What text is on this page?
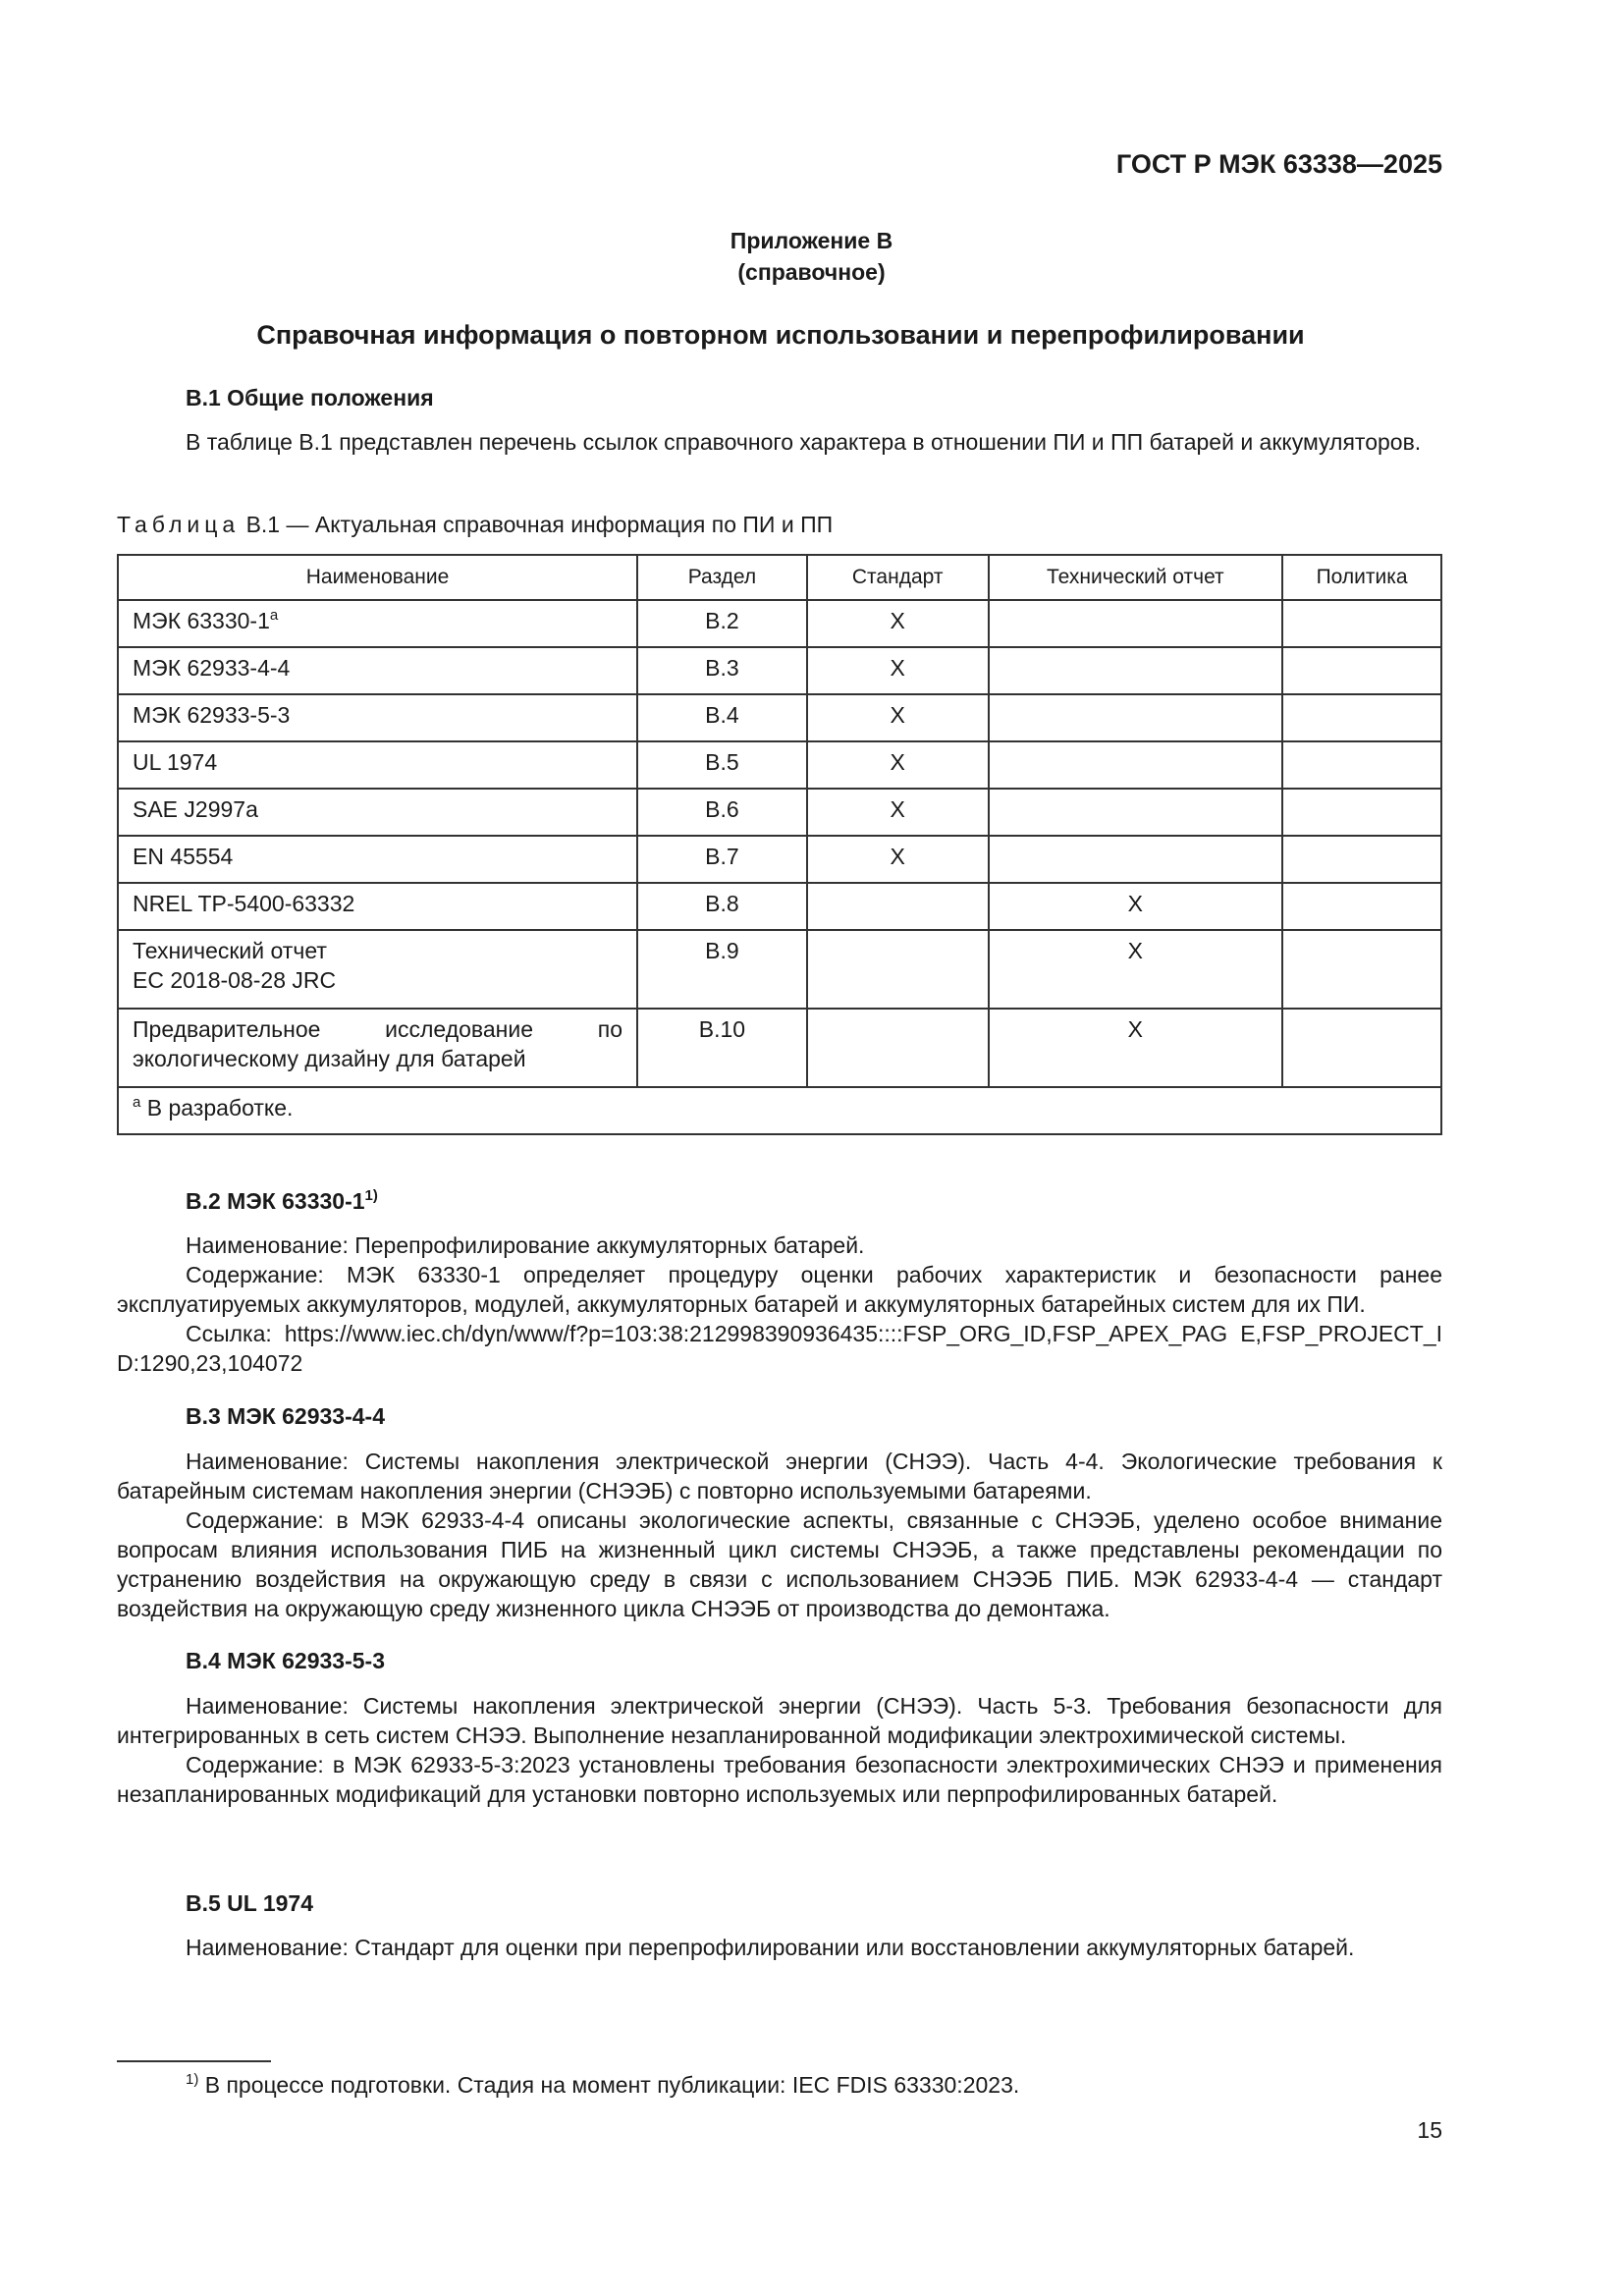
ГОСТ Р МЭК 63338—2025
Приложение В
(справочное)
Справочная информация о повторном использовании и перепрофилировании
В.1 Общие положения

В таблице В.1 представлен перечень ссылок справочного характера в отношении ПИ и ПП батарей и аккумуляторов.

Таблица В.1 — Актуальная справочная информация по ПИ и ПП
Наименование	Раздел	Стандарт	Технический отчет	Политика
МЭК 63330-1$^a$	В.2	X		
МЭК 62933-4-4	В.3	X		
МЭК 62933-5-3	В.4	X		
UL 1974	В.5	X		
SAE J2997a	В.6	X		
EN 45554	В.7	X		
NREL TP-5400-63332	В.8		X	

Технический отчет
EC 2018-08-28 JRC	В.9		X	
Предварительное исследование по экологическому дизайну для батарей	В.10		X	
$^a$ В разработке.				
В.2 МЭК 63330-1$^{1)}$

Наименование: Перепрофилирование аккумуляторных батарей.

Содержание: МЭК 63330-1 определяет процедуру оценки рабочих характеристик и безопасности ранее эксплуатируемых аккумуляторов, модулей, аккумуляторных батарей и аккумуляторных батарейных систем для их ПИ.

Ссылка: https://www.iec.ch/dyn/www/f?p=103:38:212998390936435::::FSP_ORG_ID,FSP_APEX_PAG E,FSP_PROJECT_ID:1290,23,104072

В.3 МЭК 62933-4-4

Наименование: Системы накопления электрической энергии (СНЭЭ). Часть 4-4. Экологические требования к батарейным системам накопления энергии (СНЭЭБ) с повторно используемыми батареями.

Содержание: в МЭК 62933-4-4 описаны экологические аспекты, связанные с СНЭЭБ, уделено особое внимание вопросам влияния использования ПИБ на жизненный цикл системы СНЭЭБ, а также представлены рекомендации по устранению воздействия на окружающую среду в связи с использованием СНЭЭБ ПИБ. МЭК 62933-4-4 — стандарт воздействия на окружающую среду жизненного цикла СНЭЭБ от производства до демонтажа.

В.4 МЭК 62933-5-3

Наименование: Системы накопления электрической энергии (СНЭЭ). Часть 5-3. Требования безопасности для интегрированных в сеть систем СНЭЭ. Выполнение незапланированной модификации электрохимической системы.

Содержание: в МЭК 62933-5-3:2023 установлены требования безопасности электрохимических СНЭЭ и применения незапланированных модификаций для установки повторно используемых или перпрофилированных батарей.

В.5 UL 1974

Наименование: Стандарт для оценки при перепрофилировании или восстановлении аккумуляторных батарей.

$^{1)}$ В процессе подготовки. Стадия на момент публикации: IEC FDIS 63330:2023.
15
